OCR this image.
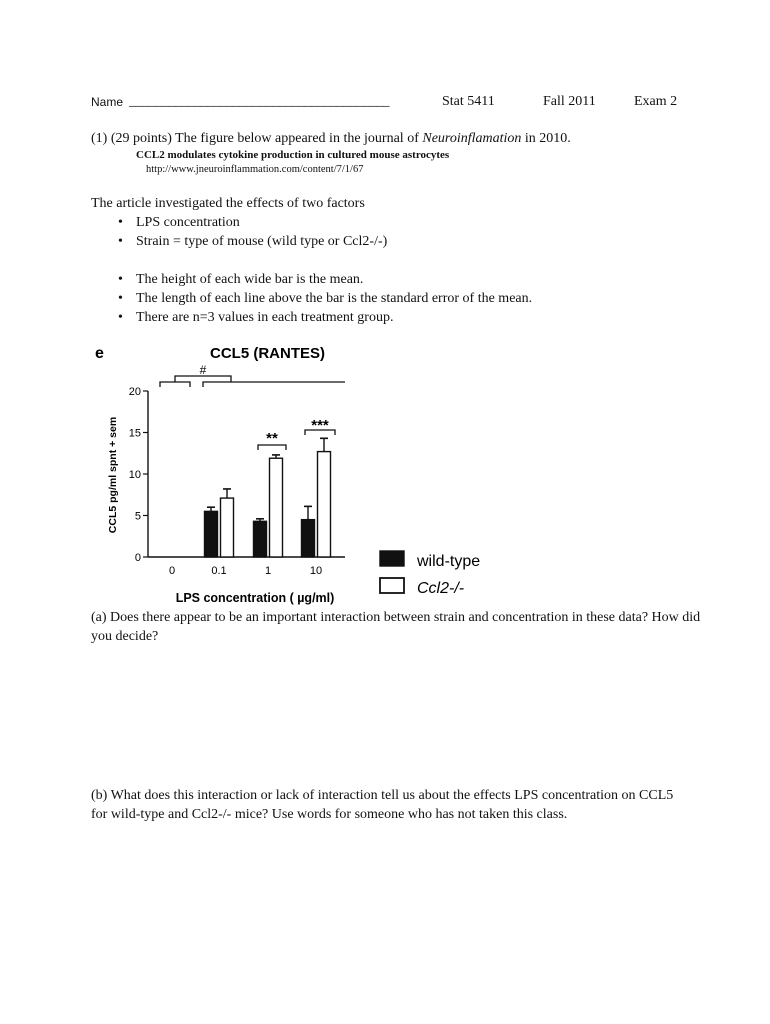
Name ________________________________________	Stat 5411	Fall 2011	Exam 2
(1) (29 points) The figure below appeared in the journal of Neuroinflamation in 2010.
CCL2 modulates cytokine production in cultured mouse astrocytes
http://www.jneuroinflammation.com/content/7/1/67
The article investigated the effects of two factors
• LPS concentration
• Strain = type of mouse (wild type or Ccl2-/-)
• The height of each wide bar is the mean.
• The length of each line above the bar is the standard error of the mean.
• There are n=3 values in each treatment group.
e	CCL5 (RANTES)
CCL5 pg/ml spnt + sem
LPS concentration ( µg/ml)
0
5
10
15
20
0	0.1	1	10
#
**
***
wild-type
Ccl2-/-
(a) Does there appear to be an important interaction between strain and concentration in these data? How did you decide?
(b) What does this interaction or lack of interaction tell us about the effects LPS concentration on CCL5 for wild-type and Ccl2-/- mice? Use words for someone who has not taken this class.
